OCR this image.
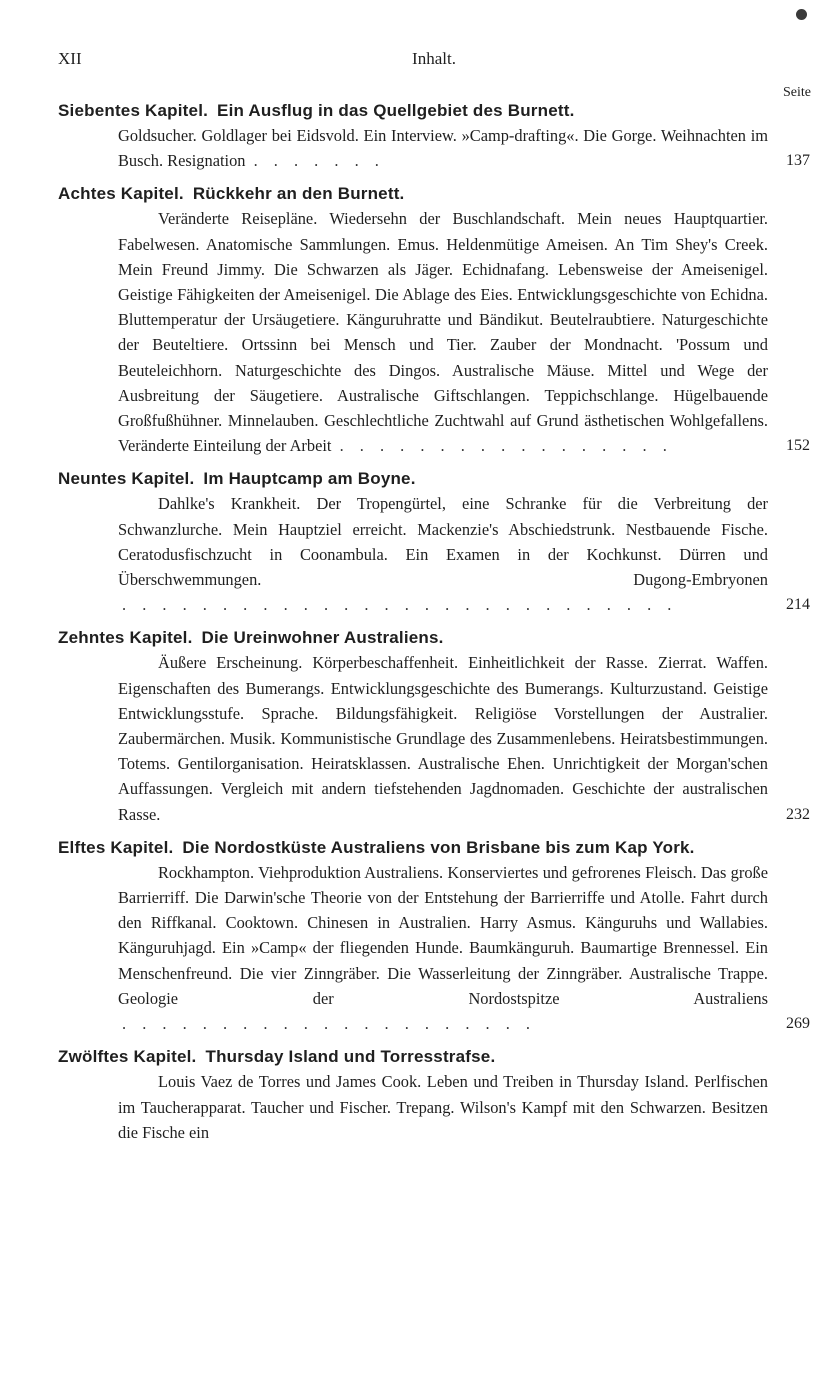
XII	Inhalt.
Seite
Siebentes Kapitel. Ein Ausflug in das Quellgebiet des Burnett.
Goldsucher. Goldlager bei Eidsvold. Ein Interview. »Camp-drafting«. Die Gorge. Weihnachten im Busch. Resignation . . . . . . .	137
Achtes Kapitel. Rückkehr an den Burnett.
Veränderte Reisepläne. Wiedersehn der Buschlandschaft. Mein neues Hauptquartier. Fabelwesen. Anatomische Sammlungen. Emus. Heldenmütige Ameisen. An Tim Shey's Creek. Mein Freund Jimmy. Die Schwarzen als Jäger. Echidnafang. Lebensweise der Ameisenigel. Geistige Fähigkeiten der Ameisenigel. Die Ablage des Eies. Entwicklungsgeschichte von Echidna. Bluttemperatur der Ursäugetiere. Känguruhratte und Bändikut. Beutelraubtiere. Naturgeschichte der Beuteltiere. Ortssinn bei Mensch und Tier. Zauber der Mondnacht. 'Possum und Beuteleichhorn. Naturgeschichte des Dingos. Australische Mäuse. Mittel und Wege der Ausbreitung der Säugetiere. Australische Giftschlangen. Teppichschlange. Hügelbauende Großfußhühner. Minnelauben. Geschlechtliche Zuchtwahl auf Grund ästhetischen Wohlgefallens. Veränderte Einteilung der Arbeit . . . . . . . . . . . . . . . . .	152
Neuntes Kapitel. Im Hauptcamp am Boyne.
Dahlke's Krankheit. Der Tropengürtel, eine Schranke für die Verbreitung der Schwanzlurche. Mein Hauptziel erreicht. Mackenzie's Abschiedstrunk. Nestbauende Fische. Ceratodusfischzucht in Coonambula. Ein Examen in der Kochkunst. Dürren und Überschwemmungen. Dugong-Embryonen . . . . . . . . . . . . . . . . . . . . . . . . . . . .	214
Zehntes Kapitel. Die Ureinwohner Australiens.
Äußere Erscheinung. Körperbeschaffenheit. Einheitlichkeit der Rasse. Zierrat. Waffen. Eigenschaften des Bumerangs. Entwicklungsgeschichte des Bumerangs. Kulturzustand. Geistige Entwicklungsstufe. Sprache. Bildungsfähigkeit. Religiöse Vorstellungen der Australier. Zaubermärchen. Musik. Kommunistische Grundlage des Zusammenlebens. Heiratsbestimmungen. Totems. Gentilorganisation. Heiratsklassen. Australische Ehen. Unrichtigkeit der Morgan'schen Auffassungen. Vergleich mit andern tiefstehenden Jagdnomaden. Geschichte der australischen Rasse.	232
Elftes Kapitel. Die Nordostküste Australiens von Brisbane bis zum Kap York.
Rockhampton. Viehproduktion Australiens. Konserviertes und gefrorenes Fleisch. Das große Barrierriff. Die Darwin'sche Theorie von der Entstehung der Barrierriffe und Atolle. Fahrt durch den Riffkanal. Cooktown. Chinesen in Australien. Harry Asmus. Känguruhs und Wallabies. Känguruhjagd. Ein »Camp« der fliegenden Hunde. Baumkänguruh. Baumartige Brennessel. Ein Menschenfreund. Die vier Zinngräber. Die Wasserleitung der Zinngräber. Australische Trappe. Geologie der Nordostspitze Australiens . . . . . . . . . . . . . . . . . . . . .	269
Zwölftes Kapitel. Thursday Island und Torresstrafse.
Louis Vaez de Torres und James Cook. Leben und Treiben in Thursday Island. Perlfischen im Taucherapparat. Taucher und Fischer. Trepang. Wilson's Kampf mit den Schwarzen. Besitzen die Fische ein
